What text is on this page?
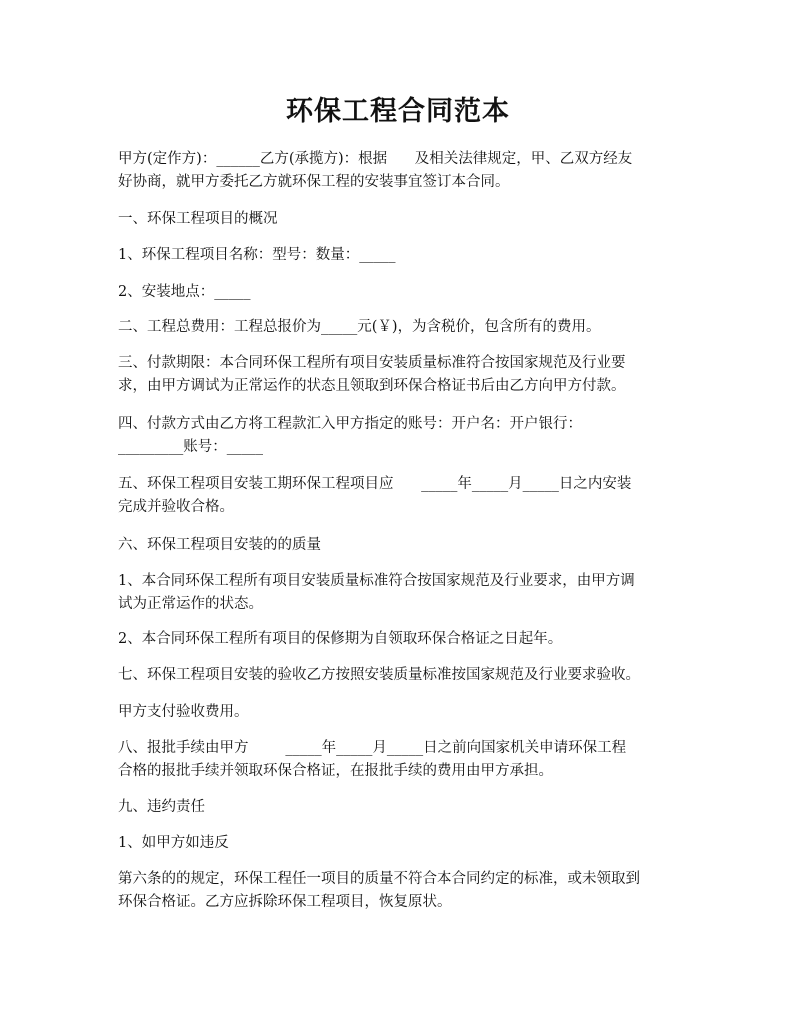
环保工程合同范本
甲方(定作方)：______乙方(承揽方)：根据      及相关法律规定，甲、乙双方经友
好协商，就甲方委托乙方就环保工程的安装事宜签订本合同。
一、环保工程项目的概况
1、环保工程项目名称：型号：数量：_____
2、安装地点：_____
二、工程总费用：工程总报价为_____元(￥)，为含税价，包含所有的费用。
三、付款期限：本合同环保工程所有项目安装质量标准符合按国家规范及行业要
求，由甲方调试为正常运作的状态且领取到环保合格证书后由乙方向甲方付款。
四、付款方式由乙方将工程款汇入甲方指定的账号：开户名：开户银行：
_________账号：_____
五、环保工程项目安装工期环保工程项目应      _____年_____月_____日之内安装
完成并验收合格。
六、环保工程项目安装的的质量
1、本合同环保工程所有项目安装质量标准符合按国家规范及行业要求，由甲方调
试为正常运作的状态。
2、本合同环保工程所有项目的保修期为自领取环保合格证之日起年。
七、环保工程项目安装的验收乙方按照安装质量标准按国家规范及行业要求验收。
甲方支付验收费用。
八、报批手续由甲方        _____年_____月_____日之前向国家机关申请环保工程
合格的报批手续并领取环保合格证，在报批手续的费用由甲方承担。
九、违约责任
1、如甲方如违反
第六条的的规定，环保工程任一项目的质量不符合本合同约定的标准，或未领取到
环保合格证。乙方应拆除环保工程项目，恢复原状。
